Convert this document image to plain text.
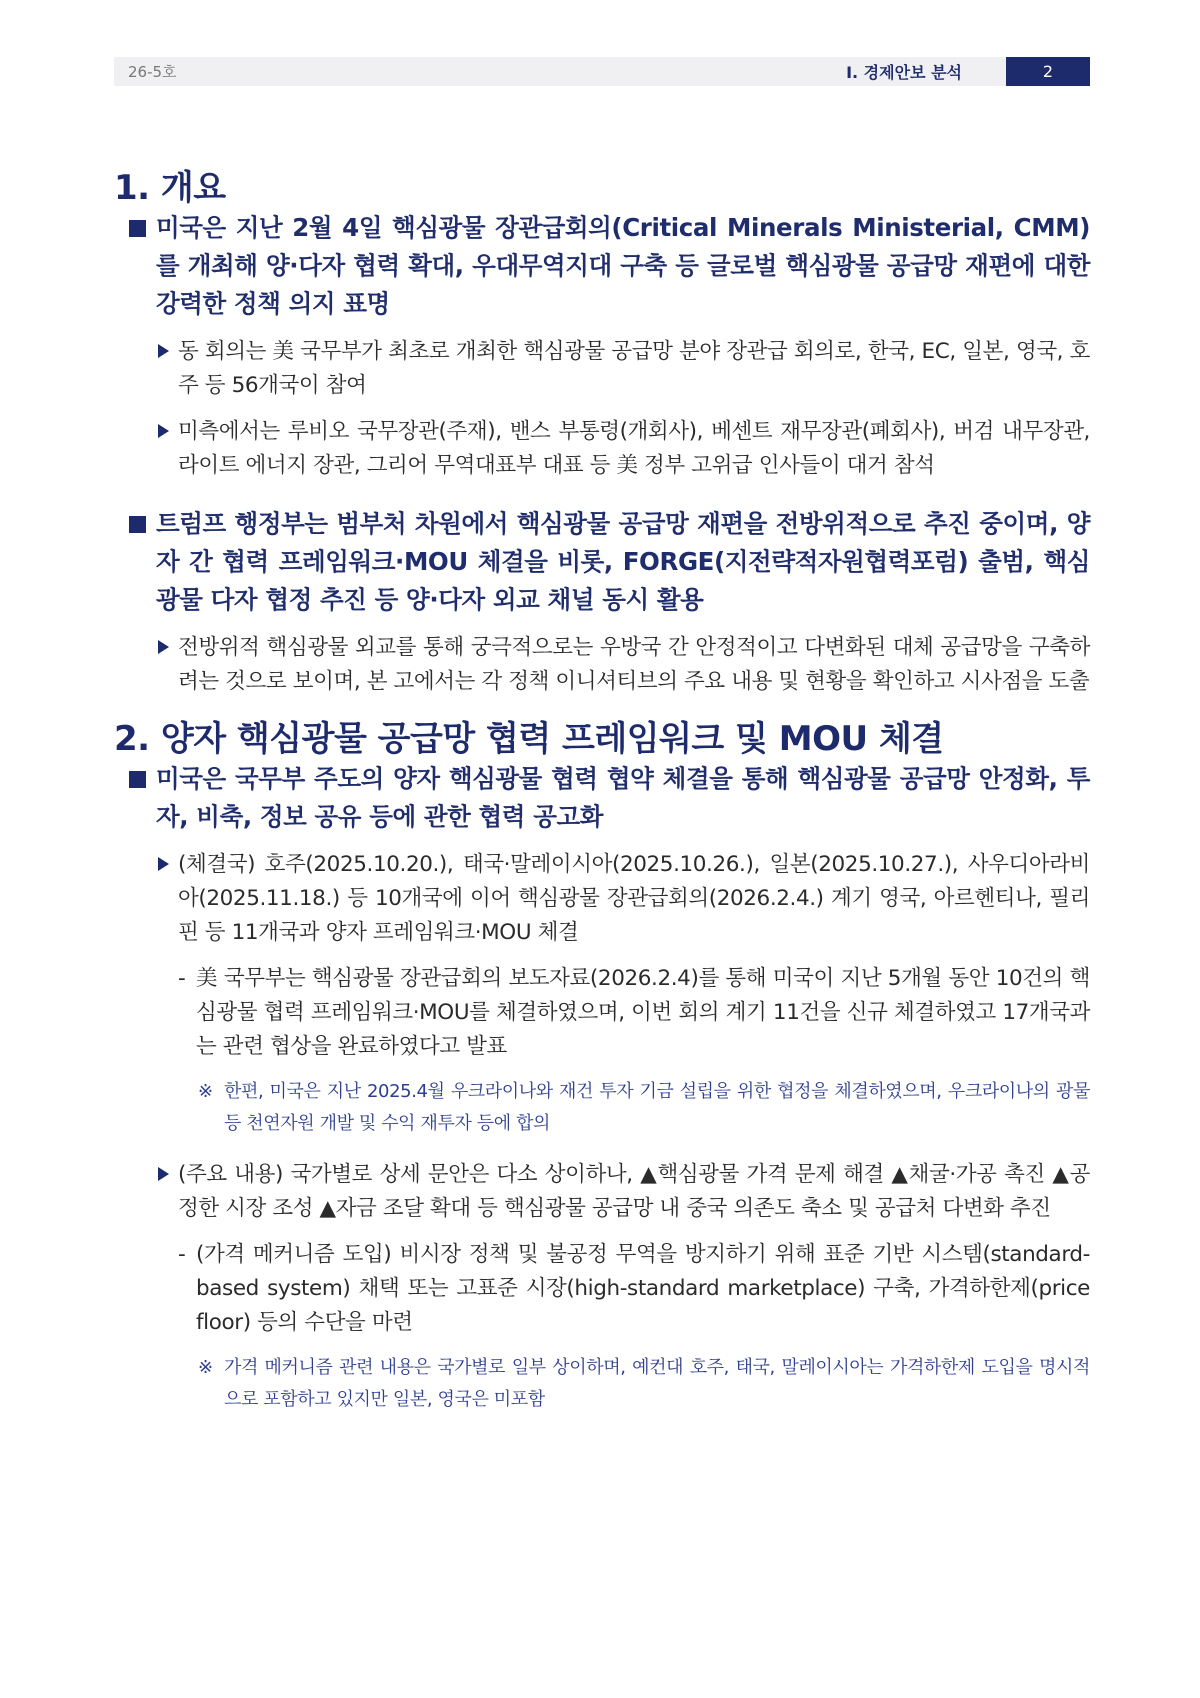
26-5호	Ⅰ. 경제안보 분석	2
1. 개요
미국은 지난 2월 4일 핵심광물 장관급회의(Critical Minerals Ministerial, CMM)를 개최해 양·다자 협력 확대, 우대무역지대 구축 등 글로벌 핵심광물 공급망 재편에 대한 강력한 정책 의지 표명
동 회의는 美 국무부가 최초로 개최한 핵심광물 공급망 분야 장관급 회의로, 한국, EC, 일본, 영국, 호주 등 56개국이 참여
미측에서는 루비오 국무장관(주재), 밴스 부통령(개회사), 베센트 재무장관(폐회사), 버검 내무장관, 라이트 에너지 장관, 그리어 무역대표부 대표 등 美 정부 고위급 인사들이 대거 참석
트럼프 행정부는 범부처 차원에서 핵심광물 공급망 재편을 전방위적으로 추진 중이며, 양자 간 협력 프레임워크·MOU 체결을 비롯, FORGE(지전략적자원협력포럼) 출범, 핵심광물 다자 협정 추진 등 양·다자 외교 채널 동시 활용
전방위적 핵심광물 외교를 통해 궁극적으로는 우방국 간 안정적이고 다변화된 대체 공급망을 구축하려는 것으로 보이며, 본 고에서는 각 정책 이니셔티브의 주요 내용 및 현황을 확인하고 시사점을 도출
2. 양자 핵심광물 공급망 협력 프레임워크 및 MOU 체결
미국은 국무부 주도의 양자 핵심광물 협력 협약 체결을 통해 핵심광물 공급망 안정화, 투자, 비축, 정보 공유 등에 관한 협력 공고화
(체결국) 호주(2025.10.20.), 태국·말레이시아(2025.10.26.), 일본(2025.10.27.), 사우디아라비아(2025.11.18.) 등 10개국에 이어 핵심광물 장관급회의(2026.2.4.) 계기 영국, 아르헨티나, 필리핀 등 11개국과 양자 프레임워크·MOU 체결
- 美 국무부는 핵심광물 장관급회의 보도자료(2026.2.4)를 통해 미국이 지난 5개월 동안 10건의 핵심광물 협력 프레임워크·MOU를 체결하였으며, 이번 회의 계기 11건을 신규 체결하였고 17개국과는 관련 협상을 완료하였다고 발표
※ 한편, 미국은 지난 2025.4월 우크라이나와 재건 투자 기금 설립을 위한 협정을 체결하였으며, 우크라이나의 광물 등 천연자원 개발 및 수익 재투자 등에 합의
(주요 내용) 국가별로 상세 문안은 다소 상이하나, ▲핵심광물 가격 문제 해결 ▲채굴·가공 촉진 ▲공정한 시장 조성 ▲자금 조달 확대 등 핵심광물 공급망 내 중국 의존도 축소 및 공급처 다변화 추진
- (가격 메커니즘 도입) 비시장 정책 및 불공정 무역을 방지하기 위해 표준 기반 시스템(standard-based system) 채택 또는 고표준 시장(high-standard marketplace) 구축, 가격하한제(price floor) 등의 수단을 마련
※ 가격 메커니즘 관련 내용은 국가별로 일부 상이하며, 예컨대 호주, 태국, 말레이시아는 가격하한제 도입을 명시적으로 포함하고 있지만 일본, 영국은 미포함
